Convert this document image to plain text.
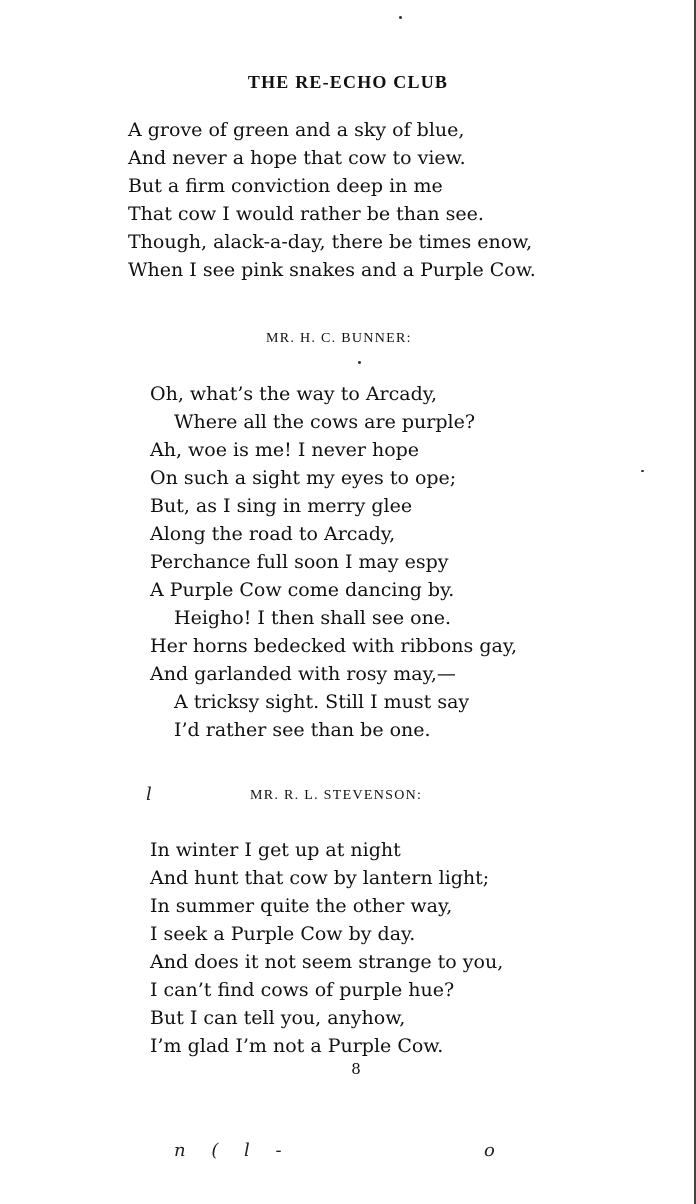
THE RE-ECHO CLUB
A grove of green and a sky of blue,
And never a hope that cow to view.
But a firm conviction deep in me
That cow I would rather be than see.
Though, alack-a-day, there be times enow,
When I see pink snakes and a Purple Cow.
MR. H. C. BUNNER:
Oh, what’s the way to Arcady,
Where all the cows are purple?
Ah, woe is me! I never hope
On such a sight my eyes to ope;
But, as I sing in merry glee
Along the road to Arcady,
Perchance full soon I may espy
A Purple Cow come dancing by.
Heigho! I then shall see one.
Her horns bedecked with ribbons gay,
And garlanded with rosy may,—
A tricksy sight. Still I must say
I’d rather see than be one.
l	MR. R. L. STEVENSON:
In winter I get up at night
And hunt that cow by lantern light;
In summer quite the other way,
I seek a Purple Cow by day.
And does it not seem strange to you,
I can’t find cows of purple hue?
But I can tell you, anyhow,
I’m glad I’m not a Purple Cow.
8
n ( l -	o
